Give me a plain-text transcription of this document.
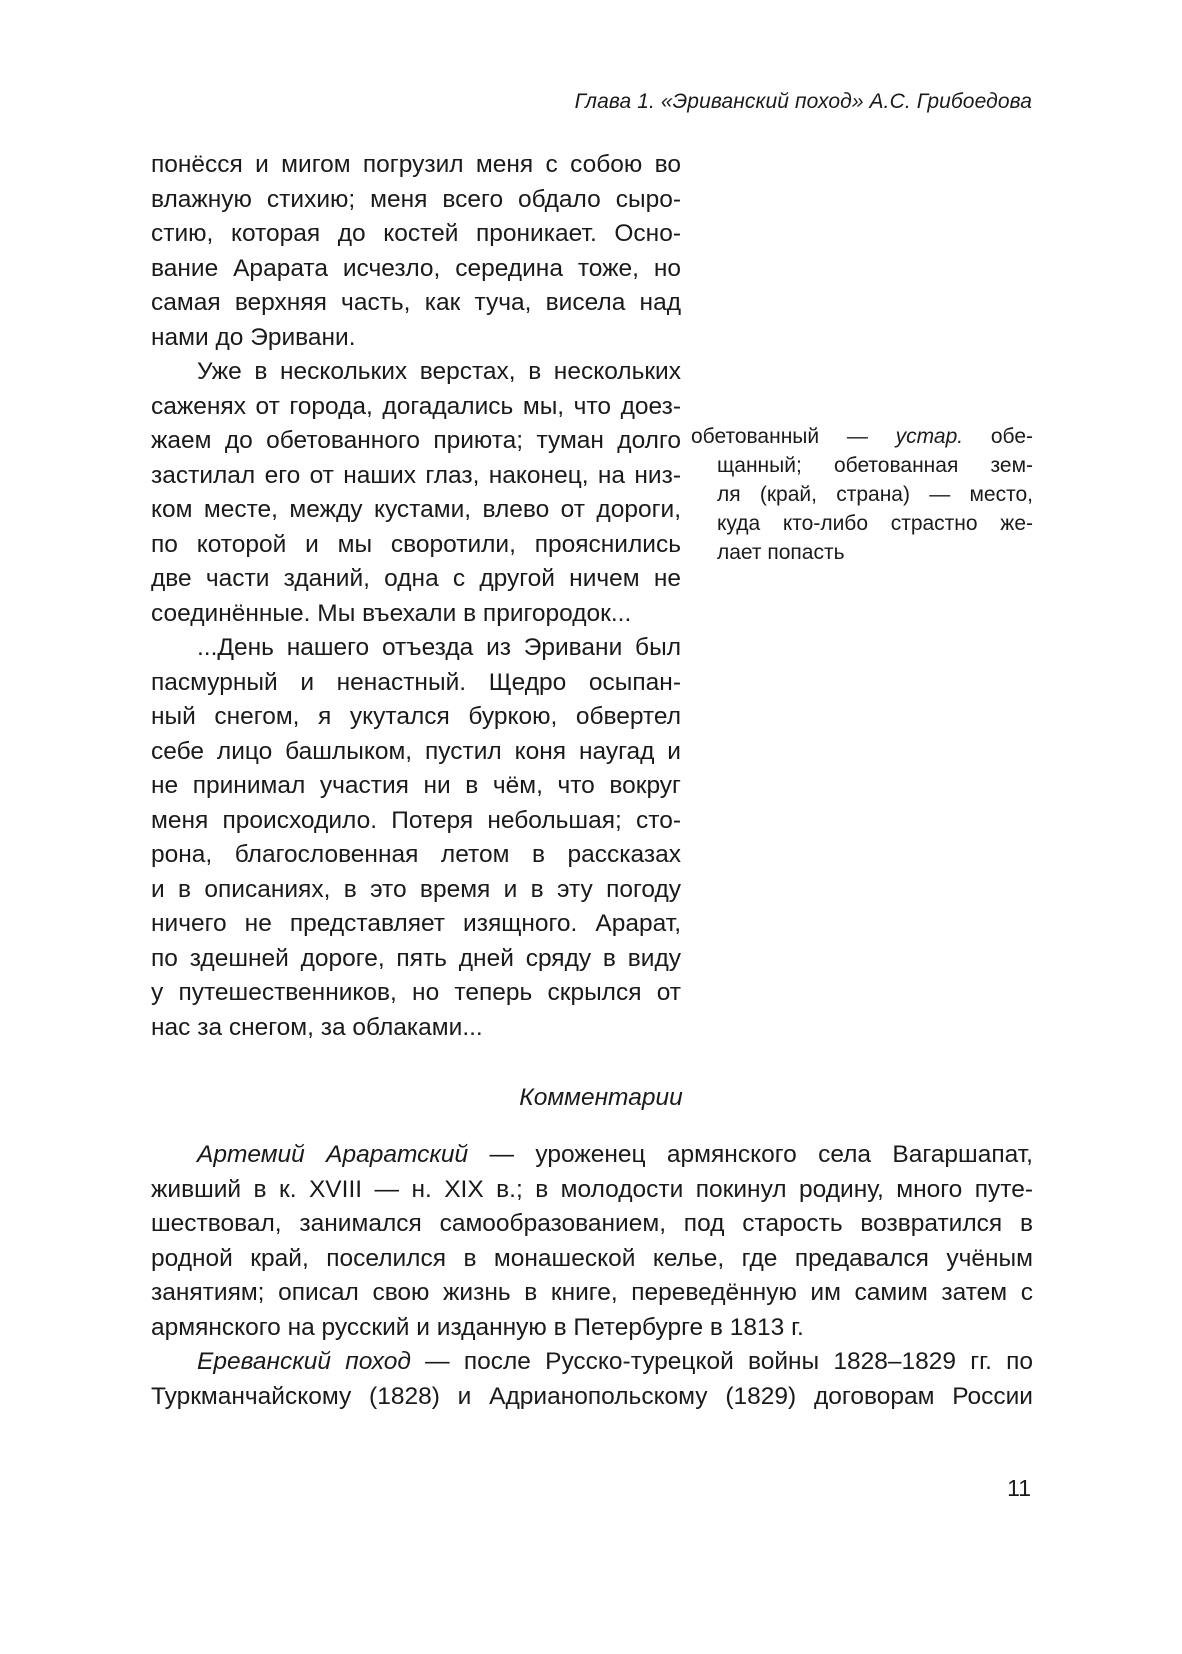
Глава 1. «Эриванский поход» А.С. Грибоедова

понёсся и мигом погрузил меня с собою во
влажную стихию; меня всего обдало сыро-
стию, которая до костей проникает. Осно-
вание Арарата исчезло, середина тоже, но
самая верхняя часть, как туча, висела над
нами до Эривани.

Уже в нескольких верстах, в нескольких
саженях от города, догадались мы, что доез-
жаем до обетованного приюта; туман долго
застилал его от наших глаз, наконец, на низ-
ком месте, между кустами, влево от дороги,
по которой и мы своротили, прояснились
две части зданий, одна с другой ничем не
соединённые. Мы въехали в пригородок...

...День нашего отъезда из Эривани был
пасмурный и ненастный. Щедро осыпан-
ный снегом, я укутался буркою, обвертел
себе лицо башлыком, пустил коня наугад и
не принимал участия ни в чём, что вокруг
меня происходило. Потеря небольшая; сто-
рона, благословенная летом в рассказах
и в описаниях, в это время и в эту погоду
ничего не представляет изящного. Арарат,
по здешней дороге, пять дней сряду в виду
у путешественников, но теперь скрылся от
нас за снегом, за облаками...

обетованный — устар. обе-
щанный; обетованная зем-
ля (край, страна) — место,
куда кто-либо страстно же-
лает попасть
Комментарии
Артемий Араратский — уроженец армянского села Вагаршапат,
живший в к. XVIII — н. XIX в.; в молодости покинул родину, много путе-
шествовал, занимался самообразованием, под старость возвратился в
родной край, поселился в монашеской келье, где предавался учёным
занятиям; описал свою жизнь в книге, переведённую им самим затем с
армянского на русский и изданную в Петербурге в 1813 г.
Ереванский поход — после Русско-турецкой войны 1828–1829 гг. по
Туркманчайскому (1828) и Адрианопольскому (1829) договорам России
11
